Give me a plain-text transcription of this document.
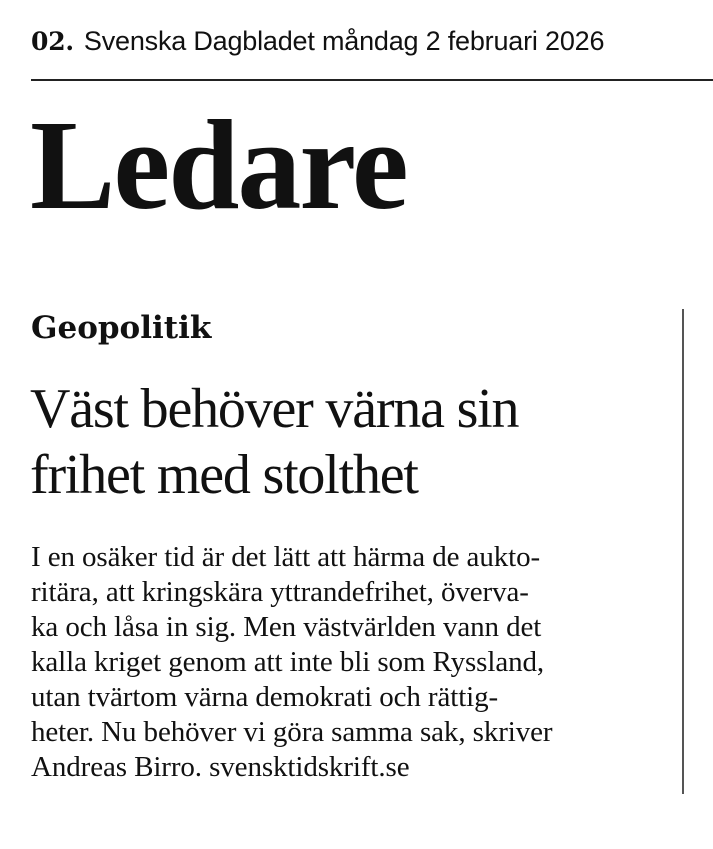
02. Svenska Dagbladet måndag 2 februari 2026
Ledare
Geopolitik
Väst behöver värna sin
frihet med stolthet
I en osäker tid är det lätt att härma de aukto-
ritära, att kringskära yttrandefrihet, överva-
ka och låsa in sig. Men västvärlden vann det
kalla kriget genom att inte bli som Ryssland,
utan tvärtom värna demokrati och rättig-
heter. Nu behöver vi göra samma sak, skriver
Andreas Birro. svensktidskrift.se
